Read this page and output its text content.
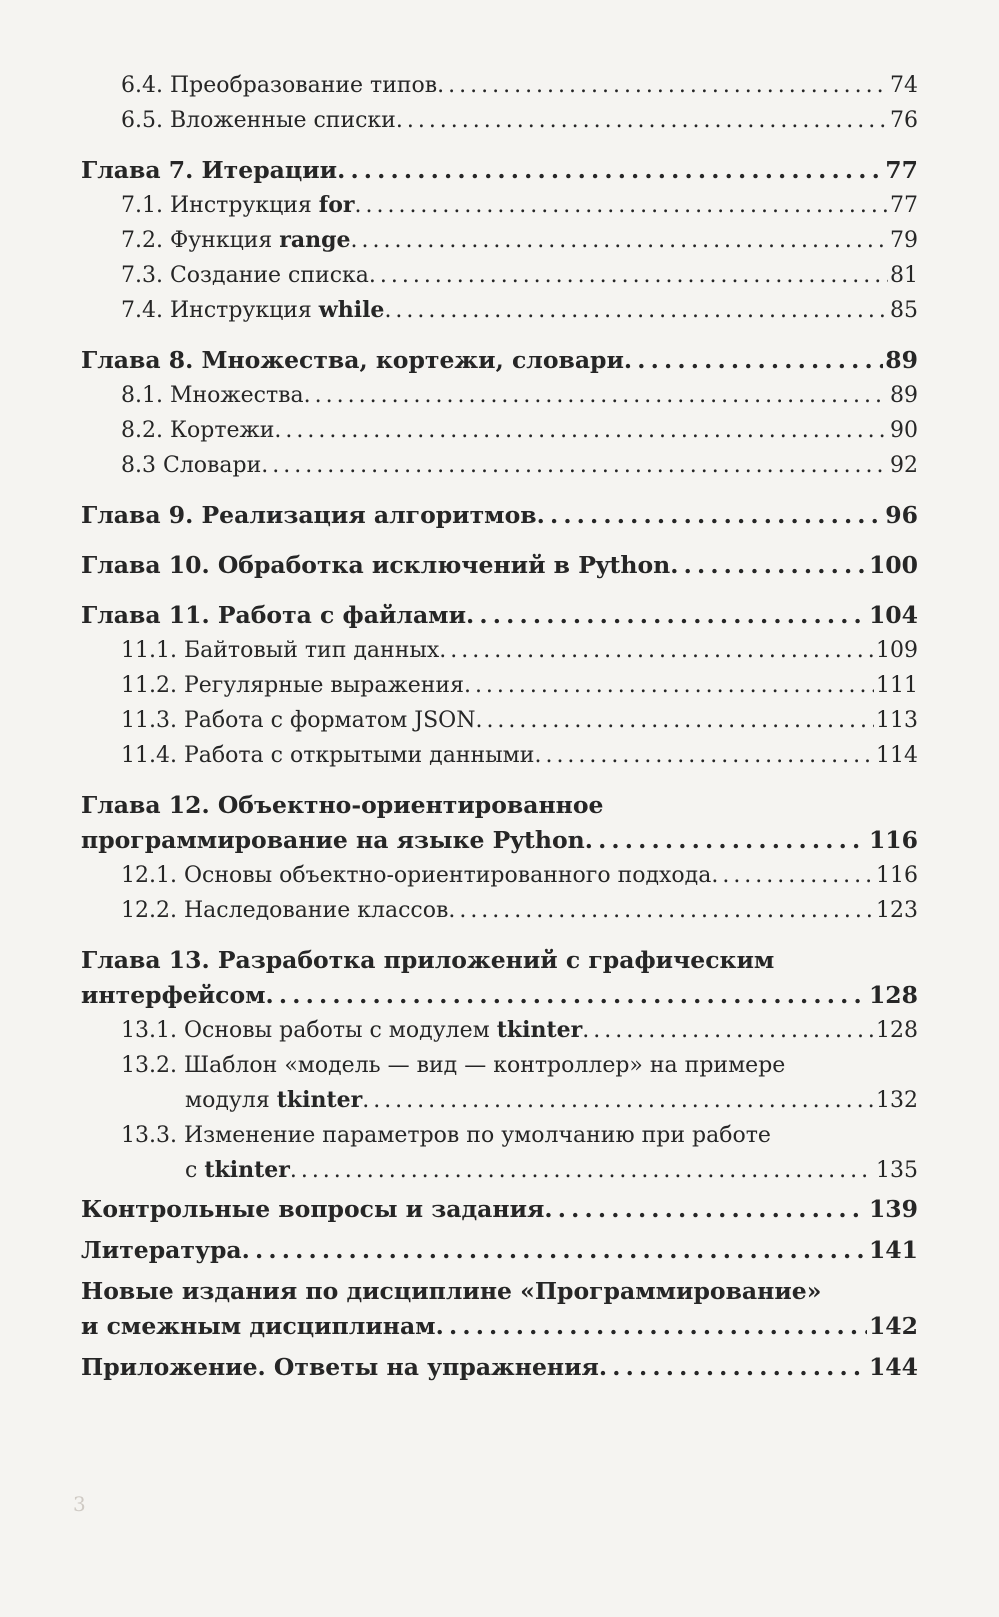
6.4. Преобразование типов . . .	74
6.5. Вложенные списки . . .	76
Глава 7. Итерации . . .	77
7.1. Инструкция for . . .	77
7.2. Функция range . . .	79
7.3. Создание списка . . .	81
7.4. Инструкция while . . .	85
Глава 8. Множества, кортежи, словари . . .	89
8.1. Множества . . .	89
8.2. Кортежи . . .	90
8.3 Словари . . .	92
Глава 9. Реализация алгоритмов . . .	96
Глава 10. Обработка исключений в Python . . .	100
Глава 11. Работа с файлами . . .	104
11.1. Байтовый тип данных . . .	109
11.2. Регулярные выражения . . .	111
11.3. Работа с форматом JSON . . .	113
11.4. Работа с открытыми данными . . .	114
Глава 12. Объектно-ориентированное
программирование на языке Python . . .	116
12.1. Основы объектно-ориентированного подхода . . .	116
12.2. Наследование классов . . .	123
Глава 13. Разработка приложений с графическим
интерфейсом . . .	128
13.1. Основы работы с модулем tkinter . . .	128
13.2. Шаблон «модель — вид — контроллер» на примере
модуля tkinter . . .	132
13.3. Изменение параметров по умолчанию при работе
с tkinter . . .	135
Контрольные вопросы и задания . . .	139
Литература . . .	141
Новые издания по дисциплине «Программирование»
и смежным дисциплинам . . .	142
Приложение. Ответы на упражнения . . .	144
3
